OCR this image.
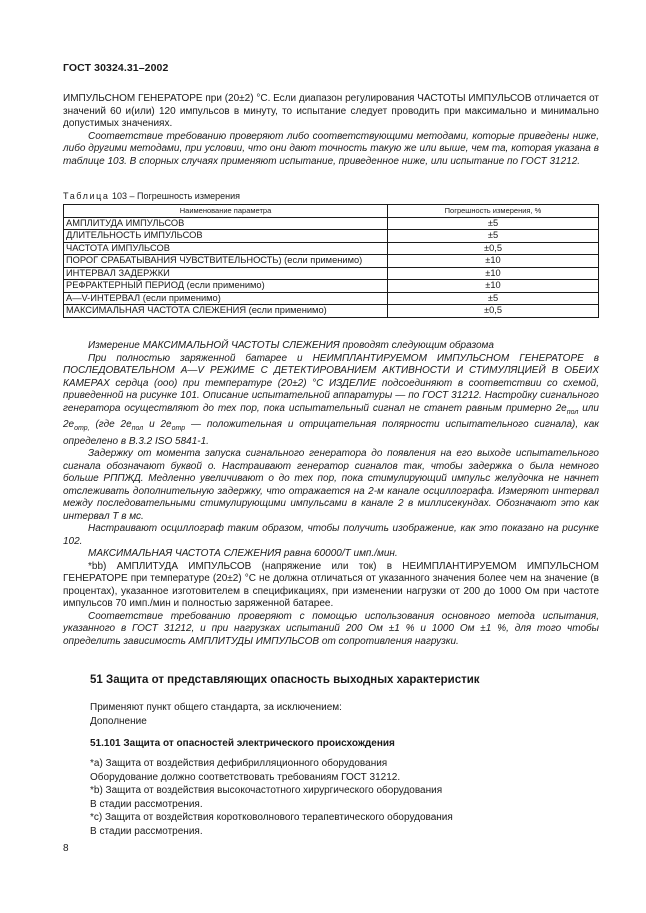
ГОСТ 30324.31–2002

ИМПУЛЬСНОМ ГЕНЕРАТОРЕ при (20±2) °С. Если диапазон регулирования ЧАСТОТЫ ИМПУЛЬСОВ отличается от значений 60 и(или) 120 импульсов в минуту, то испытание следует проводить при максимально и минимально допустимых значениях.

Соответствие требованию проверяют либо соответствующими методами, которые приведены ниже, либо другими методами, при условии, что они дают точность такую же или выше, чем та, которая указана в таблице 103. В спорных случаях применяют испытание, приведенное ниже, или испытание по ГОСТ 31212.

Таблица 103 – Погрешность измерения
Наименование параметра	Погрешность измерения, %
АМПЛИТУДА ИМПУЛЬСОВ	±5
ДЛИТЕЛЬНОСТЬ ИМПУЛЬСОВ	±5
ЧАСТОТА ИМПУЛЬСОВ	±0,5
ПОРОГ СРАБАТЫВАНИЯ ЧУВСТВИТЕЛЬНОСТЬ) (если применимо)	±10
ИНТЕРВАЛ ЗАДЕРЖКИ	±10
РЕФРАКТЕРНЫЙ ПЕРИОД (если применимо)	±10
А—V-ИНТЕРВАЛ (если применимо)	±5
МАКСИМАЛЬНАЯ ЧАСТОТА СЛЕЖЕНИЯ (если применимо)	±0,5

Измерение МАКСИМАЛЬНОЙ ЧАСТОТЫ СЛЕЖЕНИЯ проводят следующим образома

При полностью заряженной батарее и НЕИМПЛАНТИРУЕМОМ ИМПУЛЬСНОМ ГЕНЕРАТОРЕ в ПОСЛЕДОВАТЕЛЬНОМ А—V РЕЖИМЕ С ДЕТЕКТИРОВАНИЕМ АКТИВНОСТИ И СТИМУЛЯЦИЕЙ В ОБЕИХ КАМЕРАХ сердца (ооо) при температуре (20±2) °С ИЗДЕЛИЕ подсоединяют в соответствии со схемой, приведенной на рисунке 101. Описание испытательной аппаратуры — по ГОСТ 31212. Настройку сигнального генератора осуществляют до тех пор, пока испытательный сигнал не станет равным примерно $2е_{пол}$ или $2е_{отр,}$ (где $2е_{пол}$ и $2е_{отр}$ — положительная и отрицательная полярности испытательного сигнала), как определено в В.3.2 ISO 5841-1.

Задержку от момента запуска сигнального генератора до появления на его выходе испытательного сигнала обозначают буквой о. Настраивают генератор сигналов так, чтобы задержка о была немного больше РППЖД. Медленно увеличивают о до тех пор, пока стимулирующий импульс желудочка не начнет отслеживать дополнительную задержку, что отражается на 2-м канале осциллографа. Измеряют интервал между последовательными стимулирующими импульсами в канале 2 в миллисекундах. Обозначают это как интервал Т в мс.

Настраивают осциллограф таким образом, чтобы получить изображение, как это показано на рисунке 102.

МАКСИМАЛЬНАЯ ЧАСТОТА СЛЕЖЕНИЯ равна 60000/Т имп./мин.

*bb) АМПЛИТУДА ИМПУЛЬСОВ (напряжение или ток) в НЕИМПЛАНТИРУЕМОМ ИМПУЛЬСНОМ ГЕНЕРАТОРЕ при температуре (20±2) °С не должна отличаться от указанного значения более чем на значение (в процентах), указанное изготовителем в спецификациях, при изменении нагрузки от 200 до 1000 Ом при частоте импульсов 70 имп./мин и полностью заряженной батарее.

Соответствие требованию проверяют с помощью использования основного метода испытания, указанного в ГОСТ 31212, и при нагрузках испытаний 200 Ом ±1 % и 1000 Ом ±1 %, для того чтобы определить зависимость АМПЛИТУДЫ ИМПУЛЬСОВ от сопротивления нагрузки.

51 Защита от представляющих опасность выходных характеристик
Применяют пункт общего стандарта, за исключением:
Дополнение
51.101 Защита от опасностей электрического происхождения
*а) Защита от воздействия дефибрилляционного оборудования
Оборудование должно соответствовать требованиям ГОСТ 31212.
*b) Защита от воздействия высокочастотного хирургического оборудования
В стадии рассмотрения.
*с) Защита от воздействия коротковолнового терапевтического оборудования
В стадии рассмотрения.
8
